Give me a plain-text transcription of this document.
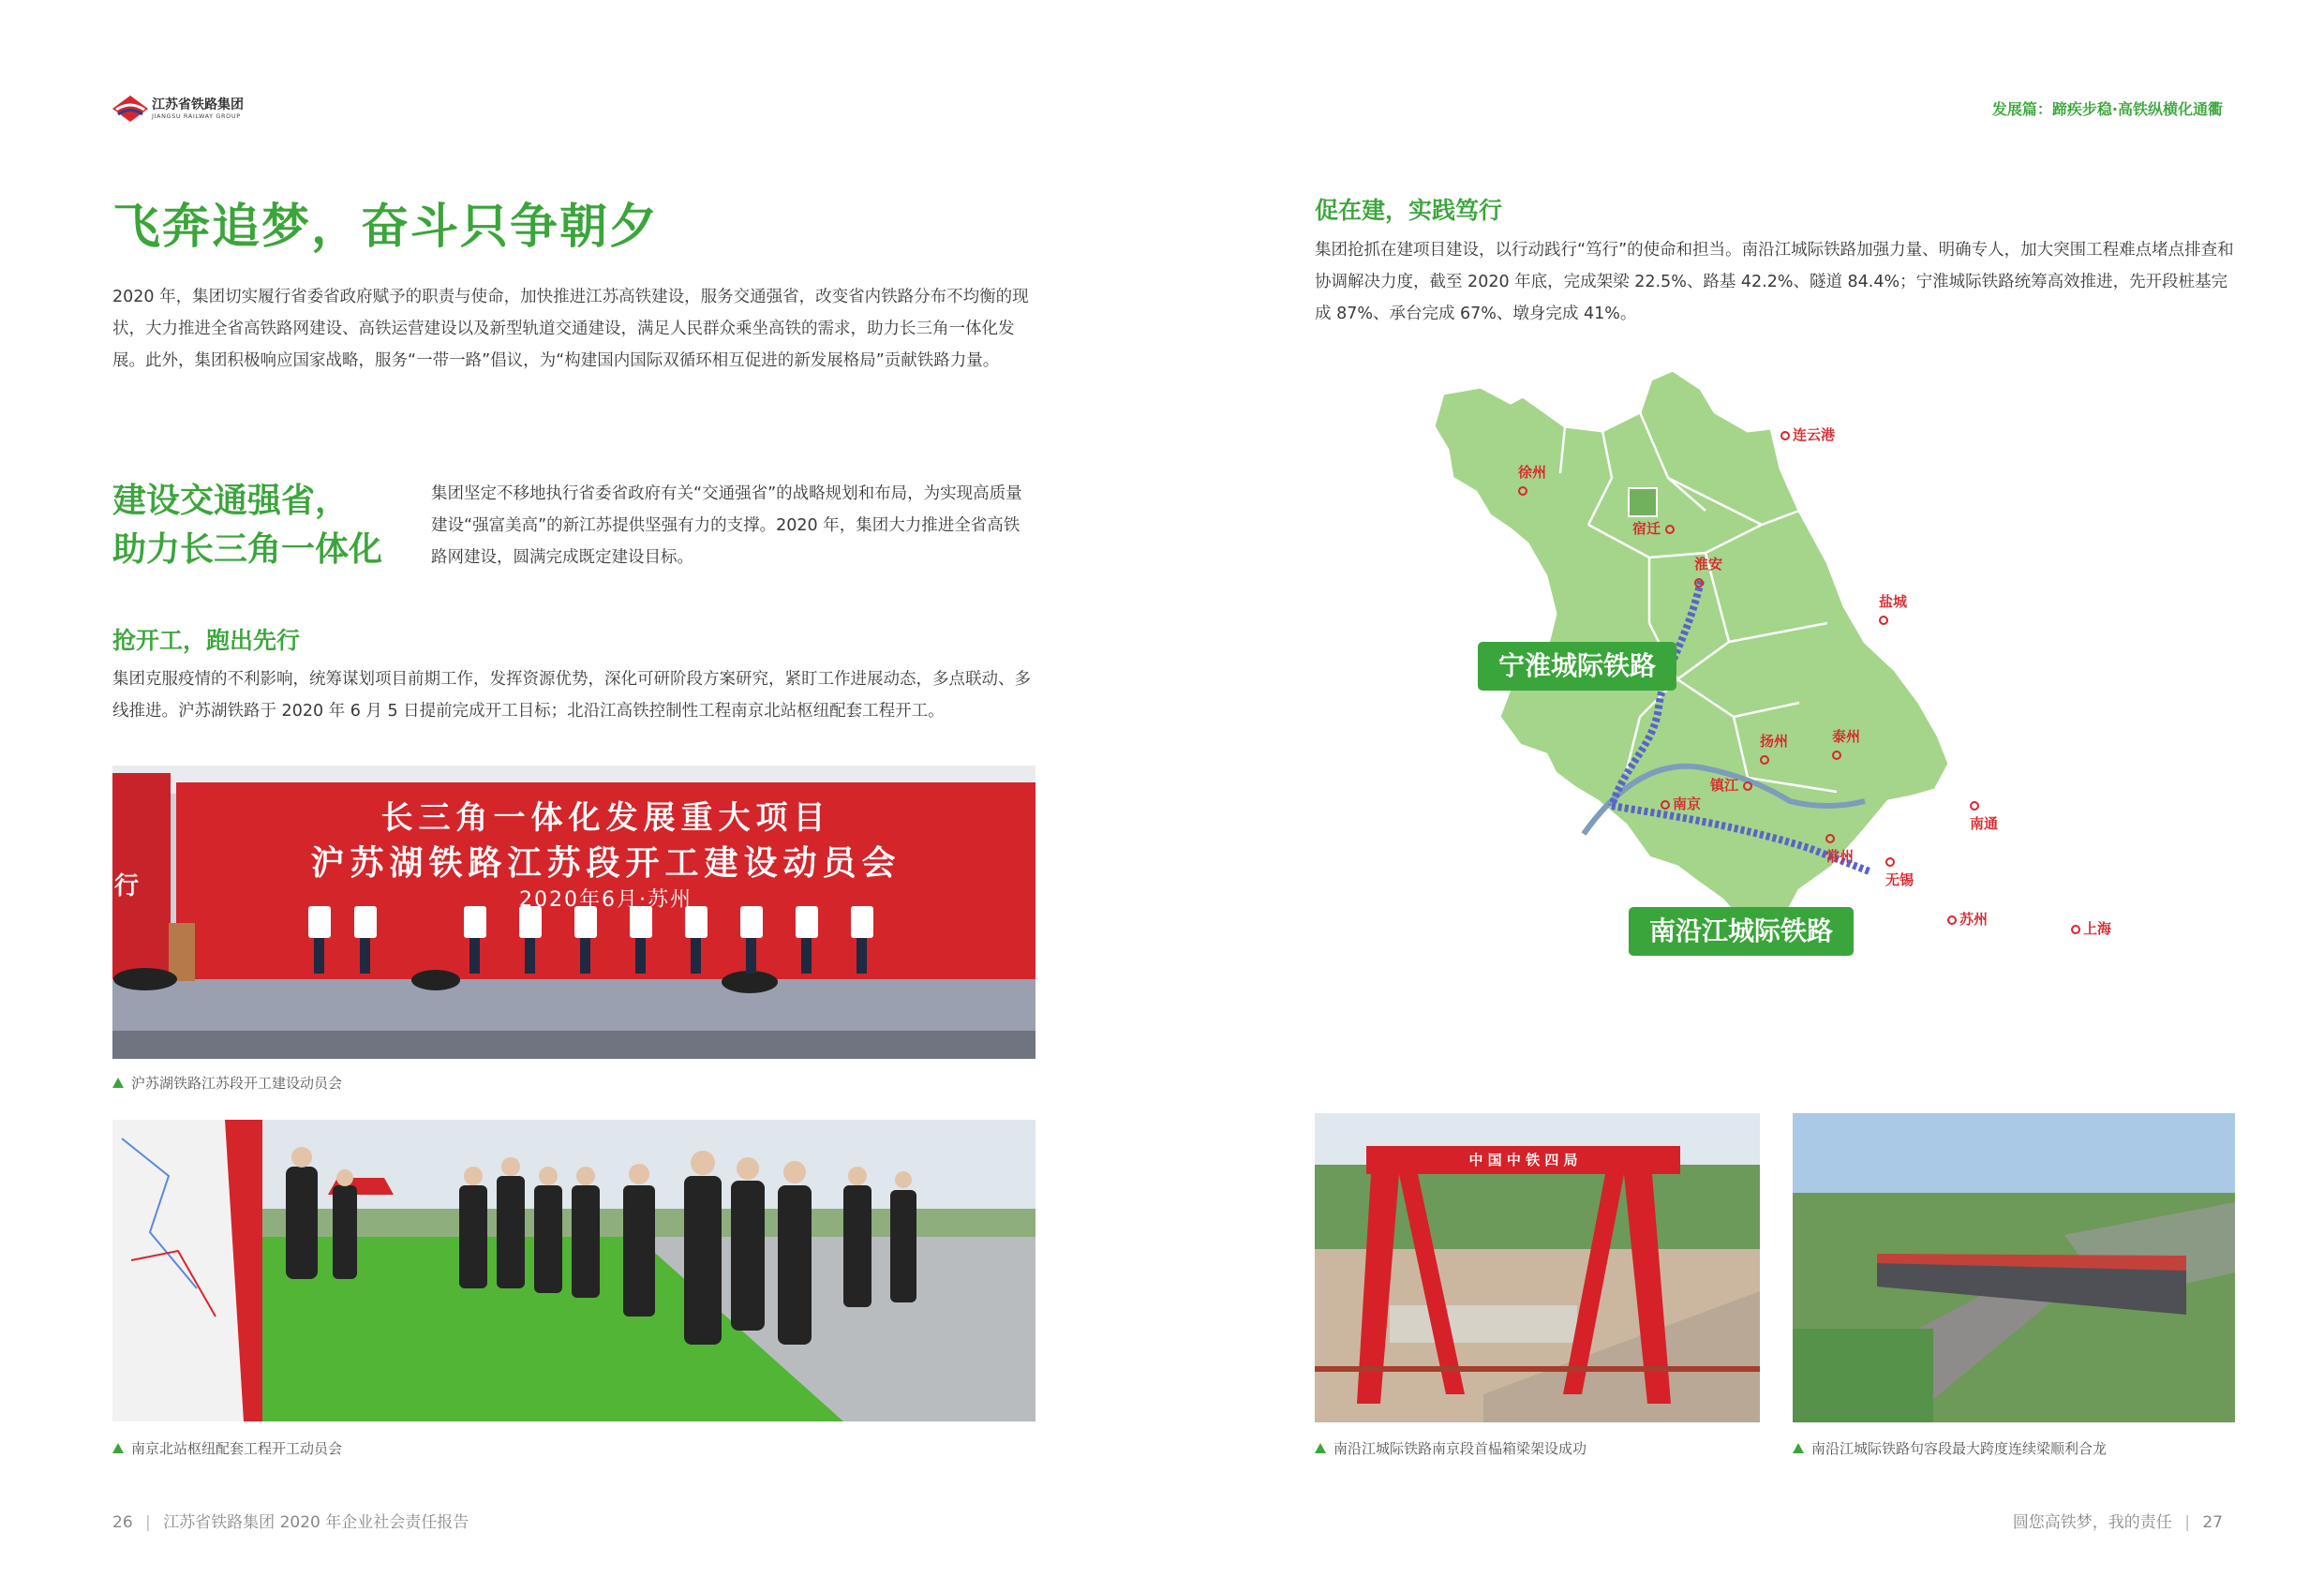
江苏省铁路集团
JIANGSU RAILWAY GROUP	发展篇：蹄疾步稳·高铁纵横化通衢
飞奔追梦，奋斗只争朝夕
2020 年，集团切实履行省委省政府赋予的职责与使命，加快推进江苏高铁建设，服务交通强省，改变省内铁路分布不均衡的现状，大力推进全省高铁路网建设、高铁运营建设以及新型轨道交通建设，满足人民群众乘坐高铁的需求，助力长三角一体化发展。此外，集团积极响应国家战略，服务“一带一路”倡议，为“构建国内国际双循环相互促进的新发展格局”贡献铁路力量。
建设交通强省，
助力长三角一体化
集团坚定不移地执行省委省政府有关“交通强省”的战略规划和布局，为实现高质量建设“强富美高”的新江苏提供坚强有力的支撑。2020 年，集团大力推进全省高铁路网建设，圆满完成既定建设目标。
抢开工，跑出先行
集团克服疫情的不利影响，统筹谋划项目前期工作，发挥资源优势，深化可研阶段方案研究，紧盯工作进展动态，多点联动、多线推进。沪苏湖铁路于 2020 年 6 月 5 日提前完成开工目标；北沿江高铁控制性工程南京北站枢纽配套工程开工。
长三角一体化发展重大项目
沪苏湖铁路江苏段开工建设动员会
2020年6月·苏州
行
沪苏湖铁路江苏段开工建设动员会
南京北站枢纽配套工程开工动员会
促在建，实践笃行
集团抢抓在建项目建设，以行动践行“笃行”的使命和担当。南沿江城际铁路加强力量、明确专人，加大突围工程难点堵点排查和协调解决力度，截至 2020 年底，完成架梁 22.5%、路基 42.2%、隧道 84.4%；宁淮城际铁路统筹高效推进，先开段桩基完成 87%、承台完成 67%、墩身完成 41%。
宁淮城际铁路
南沿江城际铁路
连云港
徐州

宿迁
淮安

盐城

扬州	泰州

镇江
南京

南通

常州

无锡
苏州
上海
中 国 中 铁 四 局
南沿江城际铁路南京段首榀箱梁架设成功	南沿江城际铁路句容段最大跨度连续梁顺利合龙
26 | 江苏省铁路集团 2020 年企业社会责任报告	圆您高铁梦，我的责任 | 27
